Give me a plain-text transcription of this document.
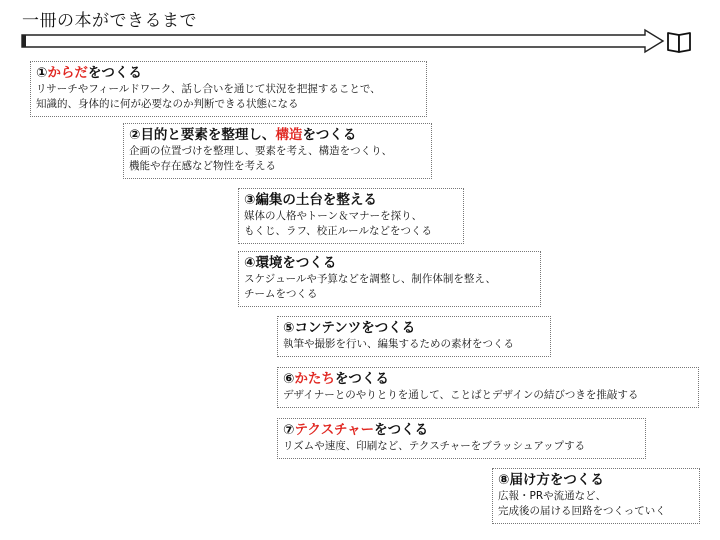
一冊の本ができるまで
①からだをつくる
リサーチやフィールドワーク、話し合いを通じて状況を把握することで、
知識的、身体的に何が必要なのか判断できる状態になる
②目的と要素を整理し、構造をつくる
企画の位置づけを整理し、要素を考え、構造をつくり、
機能や存在感など物性を考える
③編集の土台を整える
媒体の人格やトーン＆マナーを探り、
もくじ、ラフ、校正ルールなどをつくる
④環境をつくる
スケジュールや予算などを調整し、制作体制を整え、
チームをつくる
⑤コンテンツをつくる
執筆や撮影を行い、編集するための素材をつくる
⑥かたちをつくる
デザイナーとのやりとりを通して、ことばとデザインの結びつきを推敲する
⑦テクスチャーをつくる
リズムや速度、印刷など、テクスチャーをブラッシュアップする
⑧届け方をつくる
広報・PRや流通など、
完成後の届ける回路をつくっていく
